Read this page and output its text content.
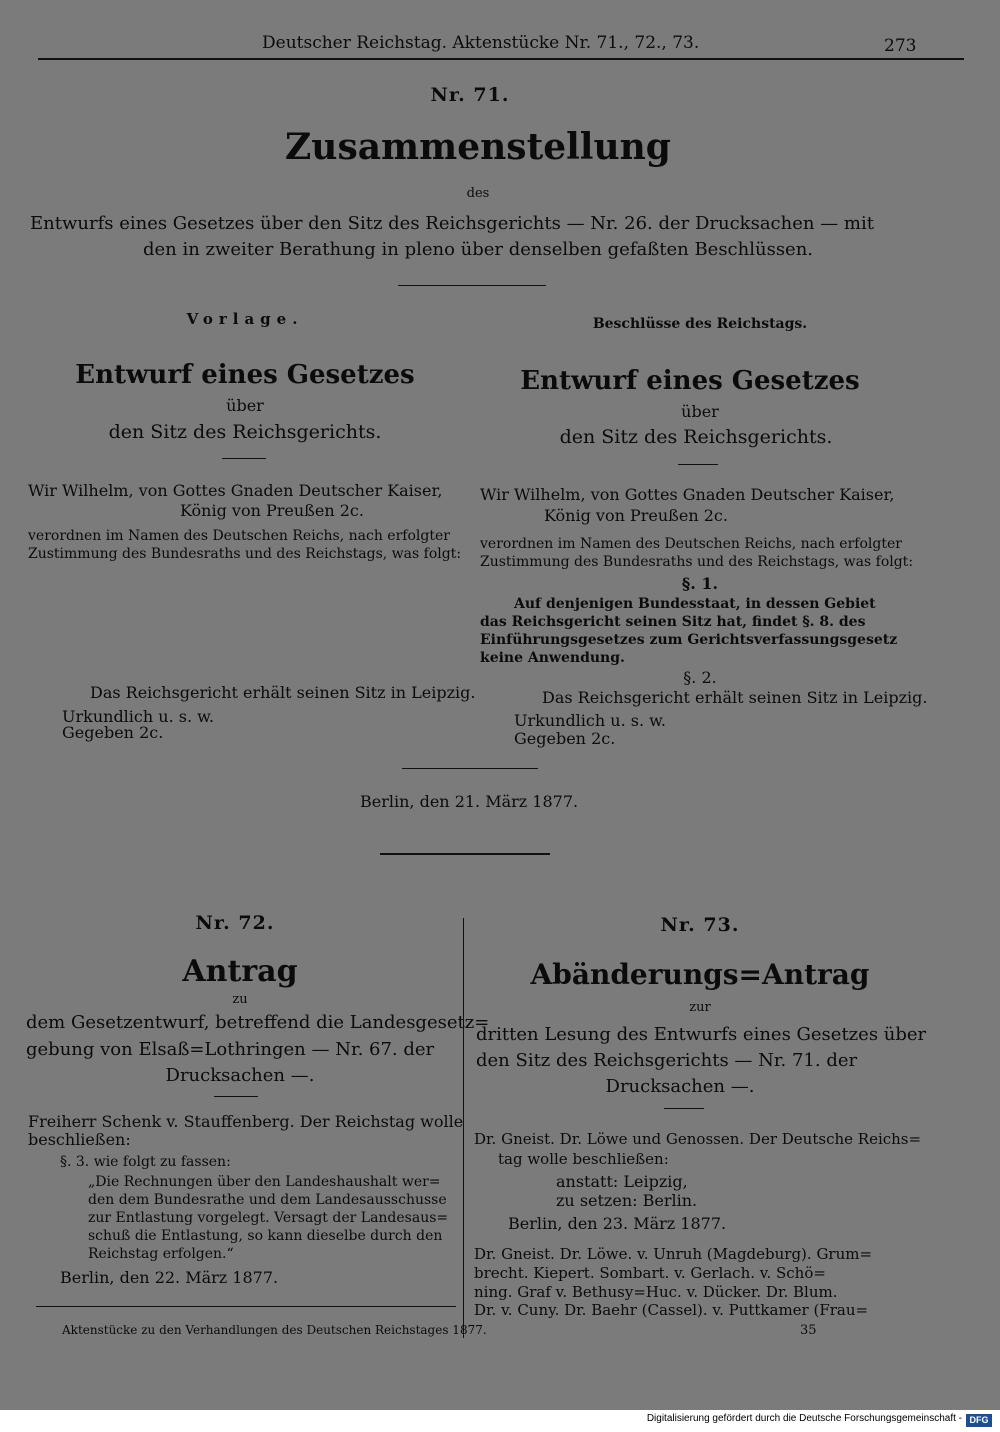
Deutscher Reichstag. Aktenstücke Nr. 71., 72., 73.	273
Nr. 71.
Zusammenstellung
des
Entwurfs eines Gesetzes über den Sitz des Reichsgerichts — Nr. 26. der Drucksachen — mit
den in zweiter Berathung in pleno über denselben gefaßten Beschlüssen.
Vorlage.
Entwurf eines Gesetzes
über
den Sitz des Reichsgerichts.
Wir Wilhelm, von Gottes Gnaden Deutscher Kaiser,
König von Preußen 2c.
verordnen im Namen des Deutschen Reichs, nach erfolgter
Zustimmung des Bundesraths und des Reichstags, was folgt:
Das Reichsgericht erhält seinen Sitz in Leipzig.
Urkundlich u. s. w.
Gegeben 2c.
Beschlüsse des Reichstags.
Entwurf eines Gesetzes
über
den Sitz des Reichsgerichts.
Wir Wilhelm, von Gottes Gnaden Deutscher Kaiser,
König von Preußen 2c.
verordnen im Namen des Deutschen Reichs, nach erfolgter
Zustimmung des Bundesraths und des Reichstags, was folgt:
§. 1.
Auf denjenigen Bundesstaat, in dessen Gebiet
das Reichsgericht seinen Sitz hat, findet §. 8. des
Einführungsgesetzes zum Gerichtsverfassungsgesetz
keine Anwendung.
§. 2.
Das Reichsgericht erhält seinen Sitz in Leipzig.
Urkundlich u. s. w.
Gegeben 2c.
Berlin, den 21. März 1877.
Nr. 72.
Antrag
zu
dem Gesetzentwurf, betreffend die Landesgesetz=
gebung von Elsaß=Lothringen — Nr. 67. der
Drucksachen —.
Freiherr Schenk v. Stauffenberg. Der Reichstag wolle
beschließen:
§. 3. wie folgt zu fassen:
„Die Rechnungen über den Landeshaushalt wer=
den dem Bundesrathe und dem Landesausschusse
zur Entlastung vorgelegt. Versagt der Landesaus=
schuß die Entlastung, so kann dieselbe durch den
Reichstag erfolgen.“
Berlin, den 22. März 1877.
Aktenstücke zu den Verhandlungen des Deutschen Reichstages 1877.
Nr. 73.
Abänderungs=Antrag
zur
dritten Lesung des Entwurfs eines Gesetzes über
den Sitz des Reichsgerichts — Nr. 71. der
Drucksachen —.
Dr. Gneist. Dr. Löwe und Genossen. Der Deutsche Reichs=
tag wolle beschließen:
anstatt: Leipzig,
zu setzen: Berlin.
Berlin, den 23. März 1877.
Dr. Gneist. Dr. Löwe. v. Unruh (Magdeburg). Grum=
brecht. Kiepert. Sombart. v. Gerlach. v. Schö=
ning. Graf v. Bethusy=Huc. v. Dücker. Dr. Blum.
Dr. v. Cuny. Dr. Baehr (Cassel). v. Puttkamer (Frau=
35
Digitalisierung gefördert durch die Deutsche Forschungsgemeinschaft - DFG
